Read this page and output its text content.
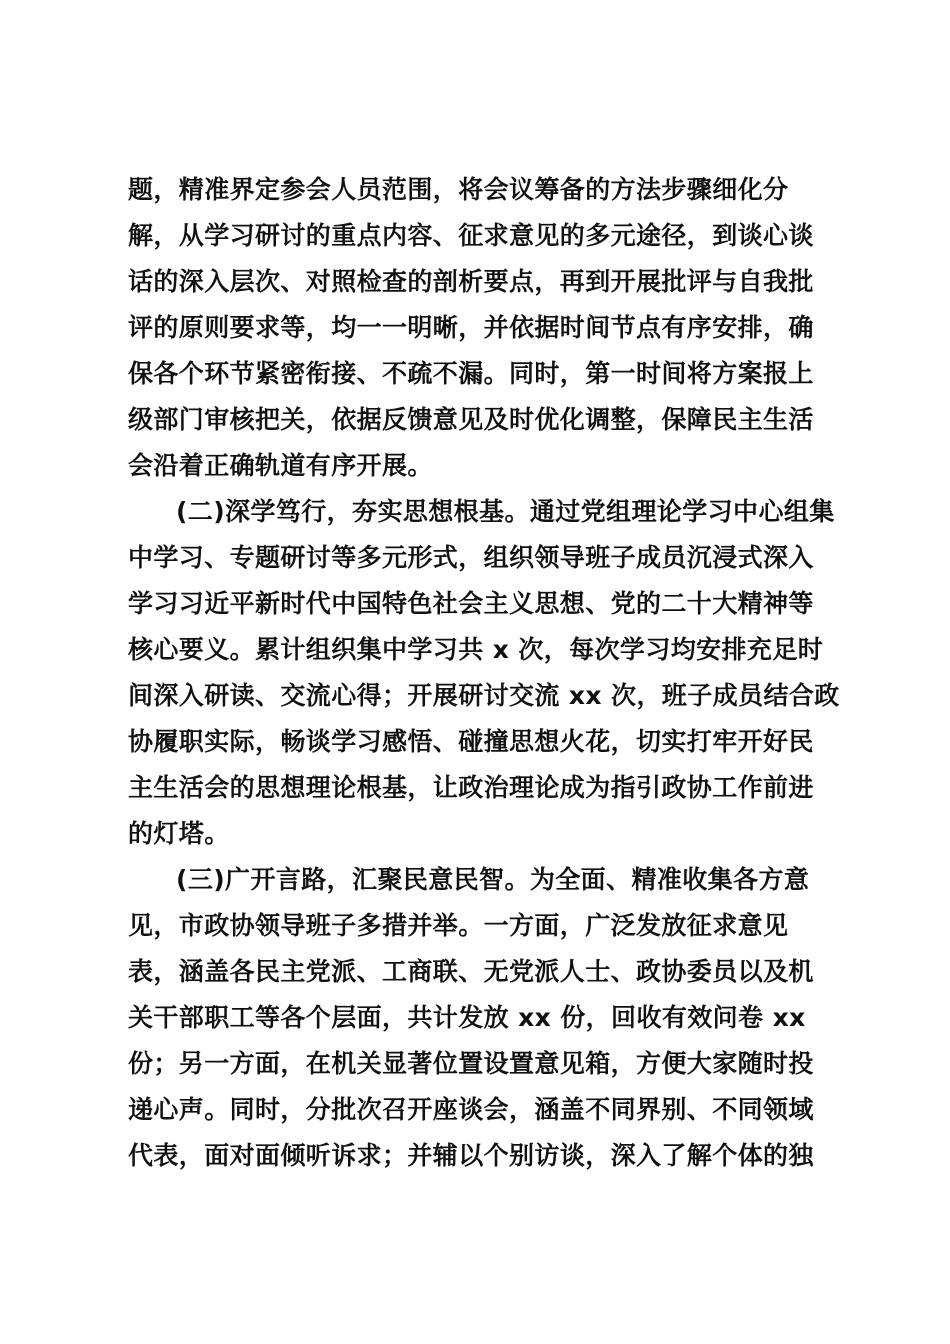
题，精准界定参会人员范围，将会议筹备的方法步骤细化分
解，从学习研讨的重点内容、征求意见的多元途径，到谈心谈
话的深入层次、对照检查的剖析要点，再到开展批评与自我批
评的原则要求等，均一一明晰，并依据时间节点有序安排，确
保各个环节紧密衔接、不疏不漏。同时，第一时间将方案报上
级部门审核把关，依据反馈意见及时优化调整，保障民主生活
会沿着正确轨道有序开展。
(二)深学笃行，夯实思想根基。通过党组理论学习中心组集
中学习、专题研讨等多元形式，组织领导班子成员沉浸式深入
学习习近平新时代中国特色社会主义思想、党的二十大精神等
核心要义。累计组织集中学习共 x 次，每次学习均安排充足时
间深入研读、交流心得；开展研讨交流 xx 次，班子成员结合政
协履职实际，畅谈学习感悟、碰撞思想火花，切实打牢开好民
主生活会的思想理论根基，让政治理论成为指引政协工作前进
的灯塔。
(三)广开言路，汇聚民意民智。为全面、精准收集各方意
见，市政协领导班子多措并举。一方面，广泛发放征求意见
表，涵盖各民主党派、工商联、无党派人士、政协委员以及机
关干部职工等各个层面，共计发放 xx 份，回收有效问卷 xx
份；另一方面，在机关显著位置设置意见箱，方便大家随时投
递心声。同时，分批次召开座谈会，涵盖不同界别、不同领域
代表，面对面倾听诉求；并辅以个别访谈，深入了解个体的独
